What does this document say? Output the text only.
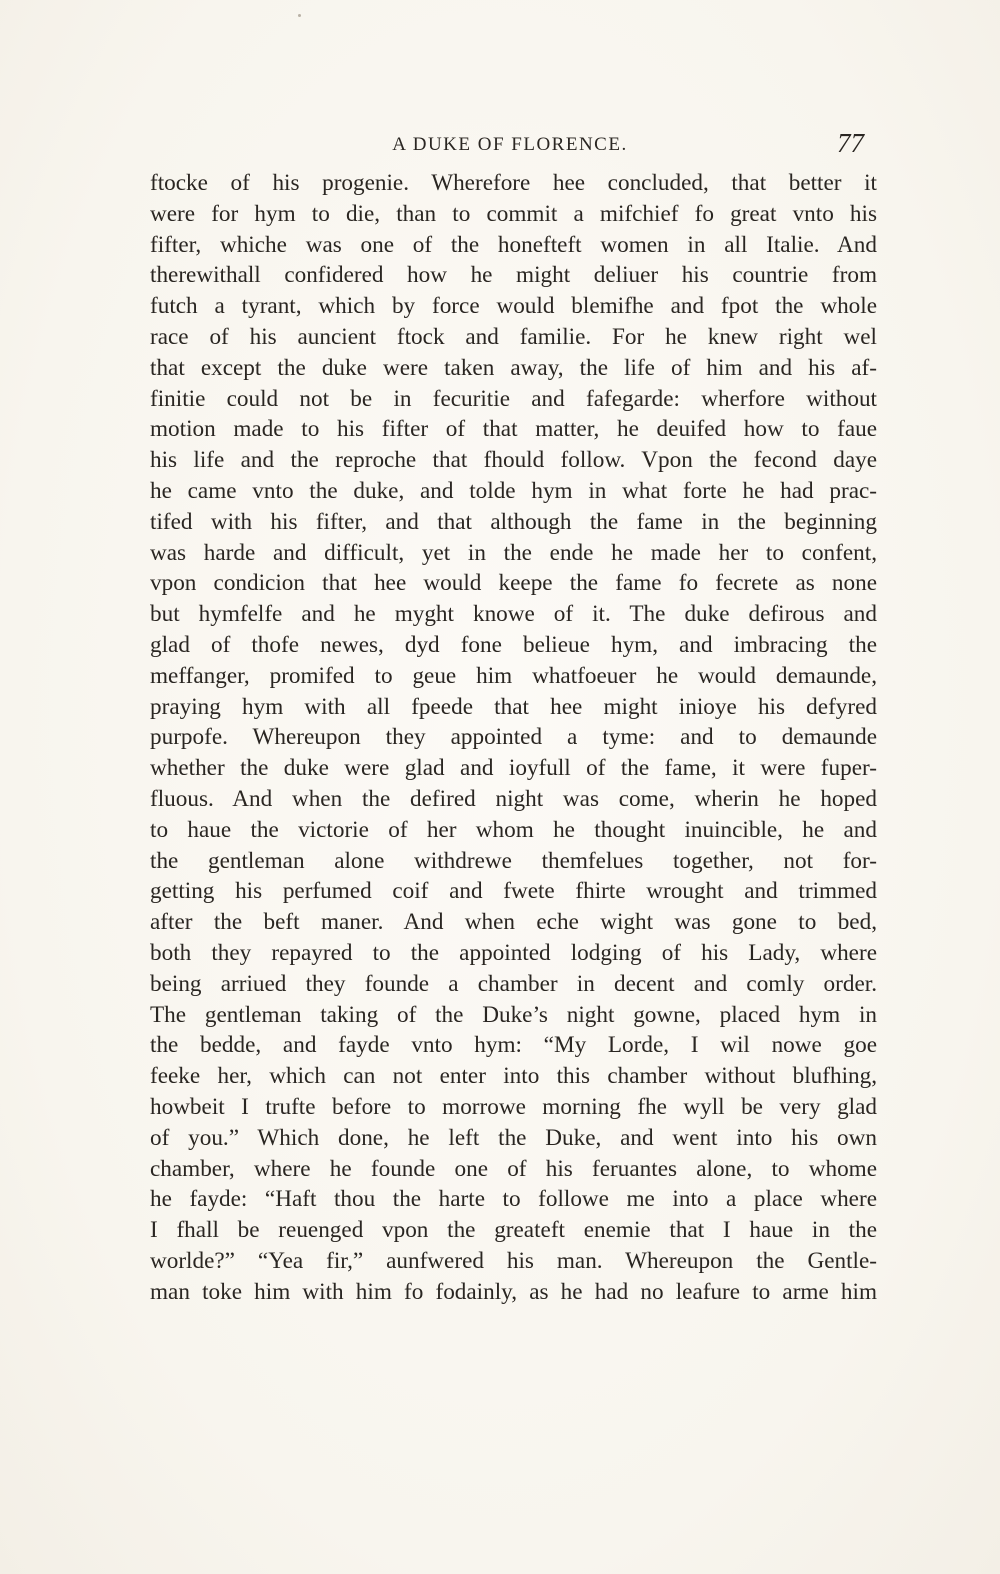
A DUKE OF FLORENCE.	77
ftocke of his progenie. Wherefore hee concluded, that better it
were for hym to die, than to commit a mifchief fo great vnto his
fifter, whiche was one of the honefteft women in all Italie. And
therewithall confidered how he might deliuer his countrie from
futch a tyrant, which by force would blemifhe and fpot the whole
race of his auncient ftock and familie. For he knew right wel
that except the duke were taken away, the life of him and his af-
finitie could not be in fecuritie and fafegarde: wherfore without
motion made to his fifter of that matter, he deuifed how to faue
his life and the reproche that fhould follow. Vpon the fecond daye
he came vnto the duke, and tolde hym in what forte he had prac-
tifed with his fifter, and that although the fame in the beginning
was harde and difficult, yet in the ende he made her to confent,
vpon condicion that hee would keepe the fame fo fecrete as none
but hymfelfe and he myght knowe of it. The duke defirous and
glad of thofe newes, dyd fone belieue hym, and imbracing the
meffanger, promifed to geue him whatfoeuer he would demaunde,
praying hym with all fpeede that hee might inioye his defyred
purpofe. Whereupon they appointed a tyme: and to demaunde
whether the duke were glad and ioyfull of the fame, it were fuper-
fluous. And when the defired night was come, wherin he hoped
to haue the victorie of her whom he thought inuincible, he and
the gentleman alone withdrewe themfelues together, not for-
getting his perfumed coif and fwete fhirte wrought and trimmed
after the beft maner. And when eche wight was gone to bed,
both they repayred to the appointed lodging of his Lady, where
being arriued they founde a chamber in decent and comly order.
The gentleman taking of the Duke’s night gowne, placed hym in
the bedde, and fayde vnto hym: “My Lorde, I wil nowe goe
feeke her, which can not enter into this chamber without blufhing,
howbeit I trufte before to morrowe morning fhe wyll be very glad
of you.” Which done, he left the Duke, and went into his own
chamber, where he founde one of his feruantes alone, to whome
he fayde: “Haft thou the harte to followe me into a place where
I fhall be reuenged vpon the greateft enemie that I haue in the
worlde?” “Yea fir,” aunfwered his man. Whereupon the Gentle-
man toke him with him fo fodainly, as he had no leafure to arme him
